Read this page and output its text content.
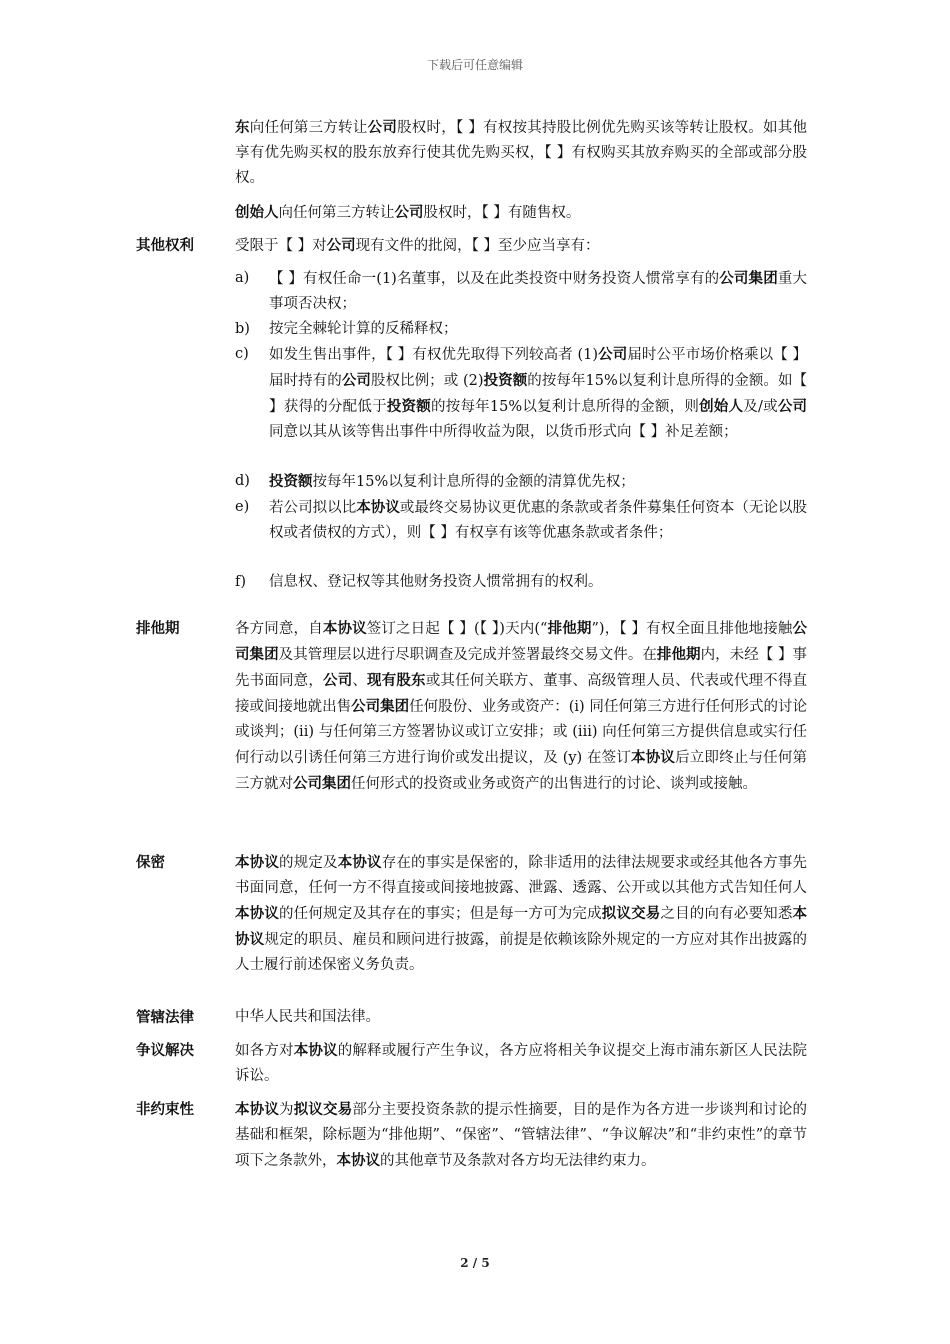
下载后可任意编辑
东向任何第三方转让公司股权时，【 】有权按其持股比例优先购买该等转让股权。如其他享有优先购买权的股东放弃行使其优先购买权，【 】有权购买其放弃购买的全部或部分股权。
创始人向任何第三方转让公司股权时，【 】有随售权。
其他权利	受限于【 】对公司现有文件的批阅，【 】至少应当享有：
a)	【 】有权任命一(1)名董事，以及在此类投资中财务投资人惯常享有的公司集团重大事项否决权；
b)	按完全棘轮计算的反稀释权；
c)	如发生售出事件，【 】有权优先取得下列较高者 (1)公司届时公平市场价格乘以【 】届时持有的公司股权比例；或 (2)投资额的按每年15%以复利计息所得的金额。如【 】获得的分配低于投资额的按每年15%以复利计息所得的金额，则创始人及/或公司同意以其从该等售出事件中所得收益为限，以货币形式向【 】补足差额；
d)	投资额按每年15%以复利计息所得的金额的清算优先权；
e)	若公司拟以比本协议或最终交易协议更优惠的条款或者条件募集任何资本（无论以股权或者债权的方式），则【 】有权享有该等优惠条款或者条件；
f)	信息权、登记权等其他财务投资人惯常拥有的权利。
排他期	各方同意，自本协议签订之日起【 】(【 】)天内(“排他期”)，【 】有权全面且排他地接触公司集团及其管理层以进行尽职调查及完成并签署最终交易文件。在排他期内，未经【 】事先书面同意，公司、现有股东或其任何关联方、董事、高级管理人员、代表或代理不得直接或间接地就出售公司集团任何股份、业务或资产：(i) 同任何第三方进行任何形式的讨论或谈判；(ii) 与任何第三方签署协议或订立安排；或 (iii) 向任何第三方提供信息或实行任何行动以引诱任何第三方进行询价或发出提议，及 (y) 在签订本协议后立即终止与任何第三方就对公司集团任何形式的投资或业务或资产的出售进行的讨论、谈判或接触。
保密	本协议的规定及本协议存在的事实是保密的，除非适用的法律法规要求或经其他各方事先书面同意，任何一方不得直接或间接地披露、泄露、透露、公开或以其他方式告知任何人本协议的任何规定及其存在的事实；但是每一方可为完成拟议交易之目的向有必要知悉本协议规定的职员、雇员和顾问进行披露，前提是依赖该除外规定的一方应对其作出披露的人士履行前述保密义务负责。
管辖法律	中华人民共和国法律。
争议解决	如各方对本协议的解释或履行产生争议，各方应将相关争议提交上海市浦东新区人民法院诉讼。
非约束性	本协议为拟议交易部分主要投资条款的提示性摘要，目的是作为各方进一步谈判和讨论的基础和框架，除标题为“排他期”、“保密”、“管辖法律”、“争议解决”和“非约束性”的章节项下之条款外，本协议的其他章节及条款对各方均无法律约束力。
2 / 5
